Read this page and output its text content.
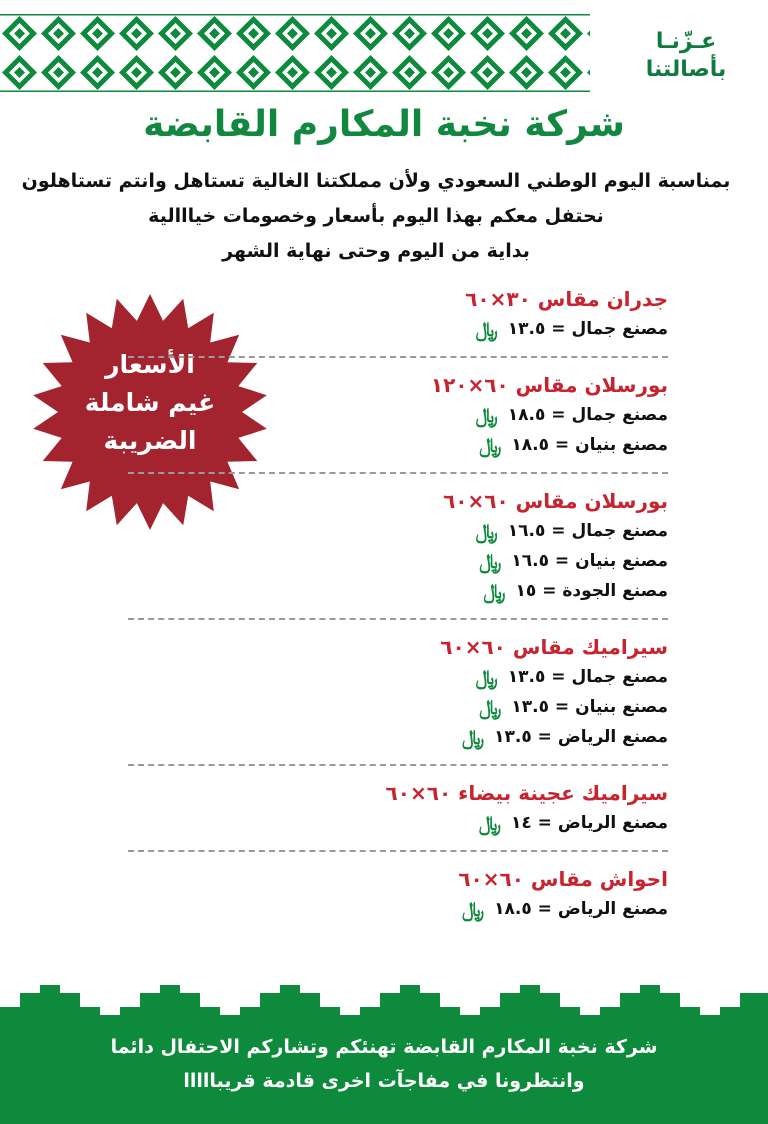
عـزّنـا
بأصالتنا
شركة نخبة المكارم القابضة
بمناسبة اليوم الوطني السعودي ولأن مملكتنا الغالية تستاهل وانتم تستاهلون
نحتفل معكم بهذا اليوم بأسعار وخصومات خيااالية
بداية من اليوم وحتى نهاية الشهر
الأسعار
غيم شاملة
الضريبة
جدران مقاس ٣٠×٦٠
مصنع جمال = ١٣.٥﷼
بورسلان مقاس ٦٠×١٢٠
مصنع جمال = ١٨.٥﷼
مصنع بنيان = ١٨.٥﷼
بورسلان مقاس ٦٠×٦٠
مصنع جمال = ١٦.٥﷼
مصنع بنيان = ١٦.٥﷼
مصنع الجودة = ١٥﷼
سيراميك مقاس ٦٠×٦٠
مصنع جمال = ١٣.٥﷼
مصنع بنيان = ١٣.٥﷼
مصنع الرياض = ١٣.٥﷼
سيراميك عجينة بيضاء ٦٠×٦٠
مصنع الرياض = ١٤﷼
احواش مقاس ٦٠×٦٠
مصنع الرياض = ١٨.٥﷼
شركة نخبة المكارم القابضة تهنئكم وتشاركم الاحتفال دائما
وانتظرونا في مفاجآت اخرى قادمة قريبااااا
